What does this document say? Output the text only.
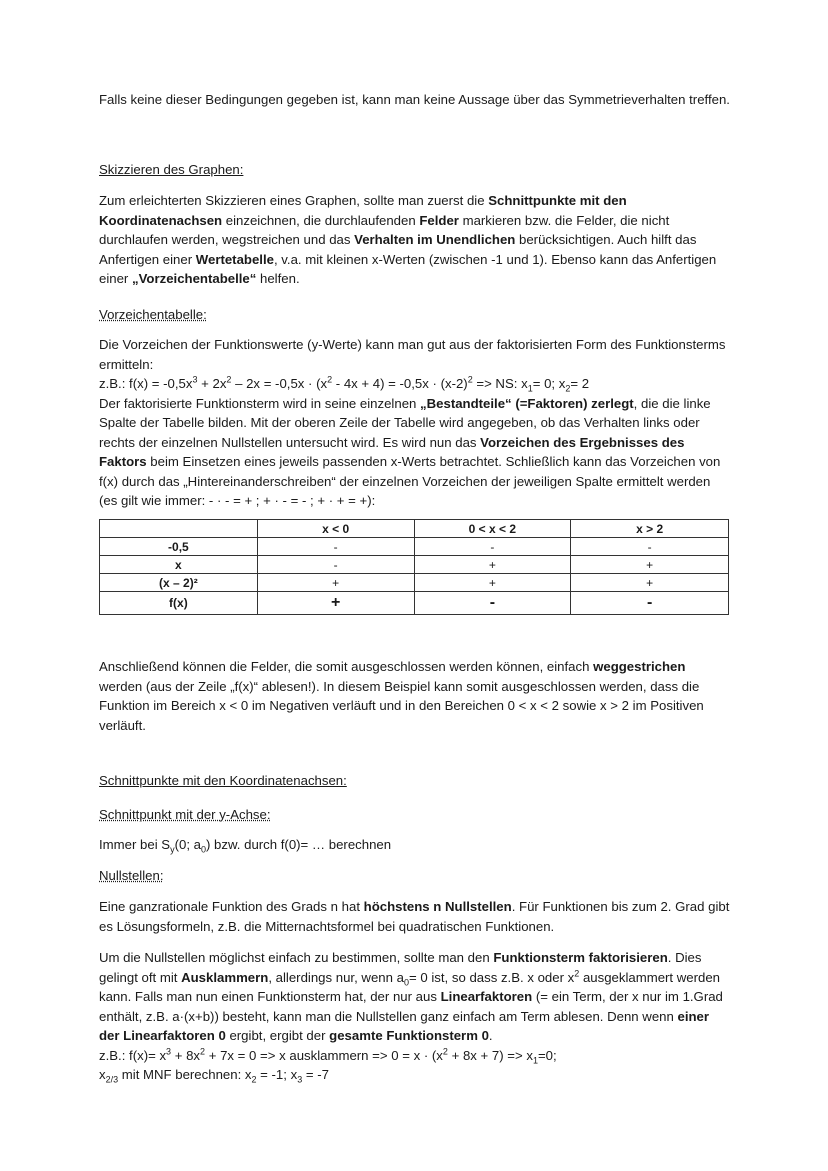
Falls keine dieser Bedingungen gegeben ist, kann man keine Aussage über das Symmetrieverhalten treffen.

Skizzieren des Graphen:

Zum erleichterten Skizzieren eines Graphen, sollte man zuerst die Schnittpunkte mit den Koordinatenachsen einzeichnen, die durchlaufenden Felder markieren bzw. die Felder, die nicht durchlaufen werden, wegstreichen und das Verhalten im Unendlichen berücksichtigen. Auch hilft das Anfertigen einer Wertetabelle, v.a. mit kleinen x-Werten (zwischen -1 und 1). Ebenso kann das Anfertigen einer „Vorzeichentabelle“ helfen.

Vorzeichentabelle:

Die Vorzeichen der Funktionswerte (y-Werte) kann man gut aus der faktorisierten Form des Funktionsterms ermitteln:

z.B.: $f(x) = -0,5x^3 + 2x^2 - 2x = -0,5x \cdot (x^2 - 4x + 4) = -0,5x \cdot (x-2)^2$ => NS: $x_1= 0$; $x_2= 2$

Der faktorisierte Funktionsterm wird in seine einzelnen „Bestandteile“ (=Faktoren) zerlegt, die die linke Spalte der Tabelle bilden. Mit der oberen Zeile der Tabelle wird angegeben, ob das Verhalten links oder rechts der einzelnen Nullstellen untersucht wird. Es wird nun das Vorzeichen des Ergebnisses des Faktors beim Einsetzen eines jeweils passenden x-Werts betrachtet. Schließlich kann das Vorzeichen von f(x) durch das „Hintereinanderschreiben“ der einzelnen Vorzeichen der jeweiligen Spalte ermittelt werden (es gilt wie immer: - · - = + ; + · - = - ; + · + = +):

	x < 0	0 < x < 2	x > 2
-0,5	-	-	-
x	-	+	+
(x – 2)²	+	+	+
f(x)	+	-	-

Anschließend können die Felder, die somit ausgeschlossen werden können, einfach weggestrichen werden (aus der Zeile „f(x)“ ablesen!). In diesem Beispiel kann somit ausgeschlossen werden, dass die Funktion im Bereich x < 0 im Negativen verläuft und in den Bereichen 0 < x < 2 sowie x > 2 im Positiven verläuft.

Schnittpunkte mit den Koordinatenachsen:

Schnittpunkt mit der y-Achse:

Immer bei $S_y(0$; $a_0$) bzw. durch f(0)= … berechnen

Nullstellen:

Eine ganzrationale Funktion des Grads n hat höchstens n Nullstellen. Für Funktionen bis zum 2. Grad gibt es Lösungsformeln, z.B. die Mitternachtsformel bei quadratischen Funktionen.

Um die Nullstellen möglichst einfach zu bestimmen, sollte man den Funktionsterm faktorisieren. Dies gelingt oft mit Ausklammern, allerdings nur, wenn $a_0= 0$ ist, so dass z.B. x oder $x^2$ ausgeklammert werden kann. Falls man nun einen Funktionsterm hat, der nur aus Linearfaktoren (= ein Term, der x nur im 1.Grad enthält, z.B. a·(x+b)) besteht, kann man die Nullstellen ganz einfach am Term ablesen. Denn wenn einer der Linearfaktoren 0 ergibt, ergibt der gesamte Funktionsterm 0.

z.B.: $f(x)= x^3 + 8x^2 + 7x = 0 => x$ ausklammern => $0 = x \cdot (x^2 + 8x + 7) => x_1=0$;

$x_{2/3}$ mit MNF berechnen: $x_2 = -1$; $x_3 = -7$
